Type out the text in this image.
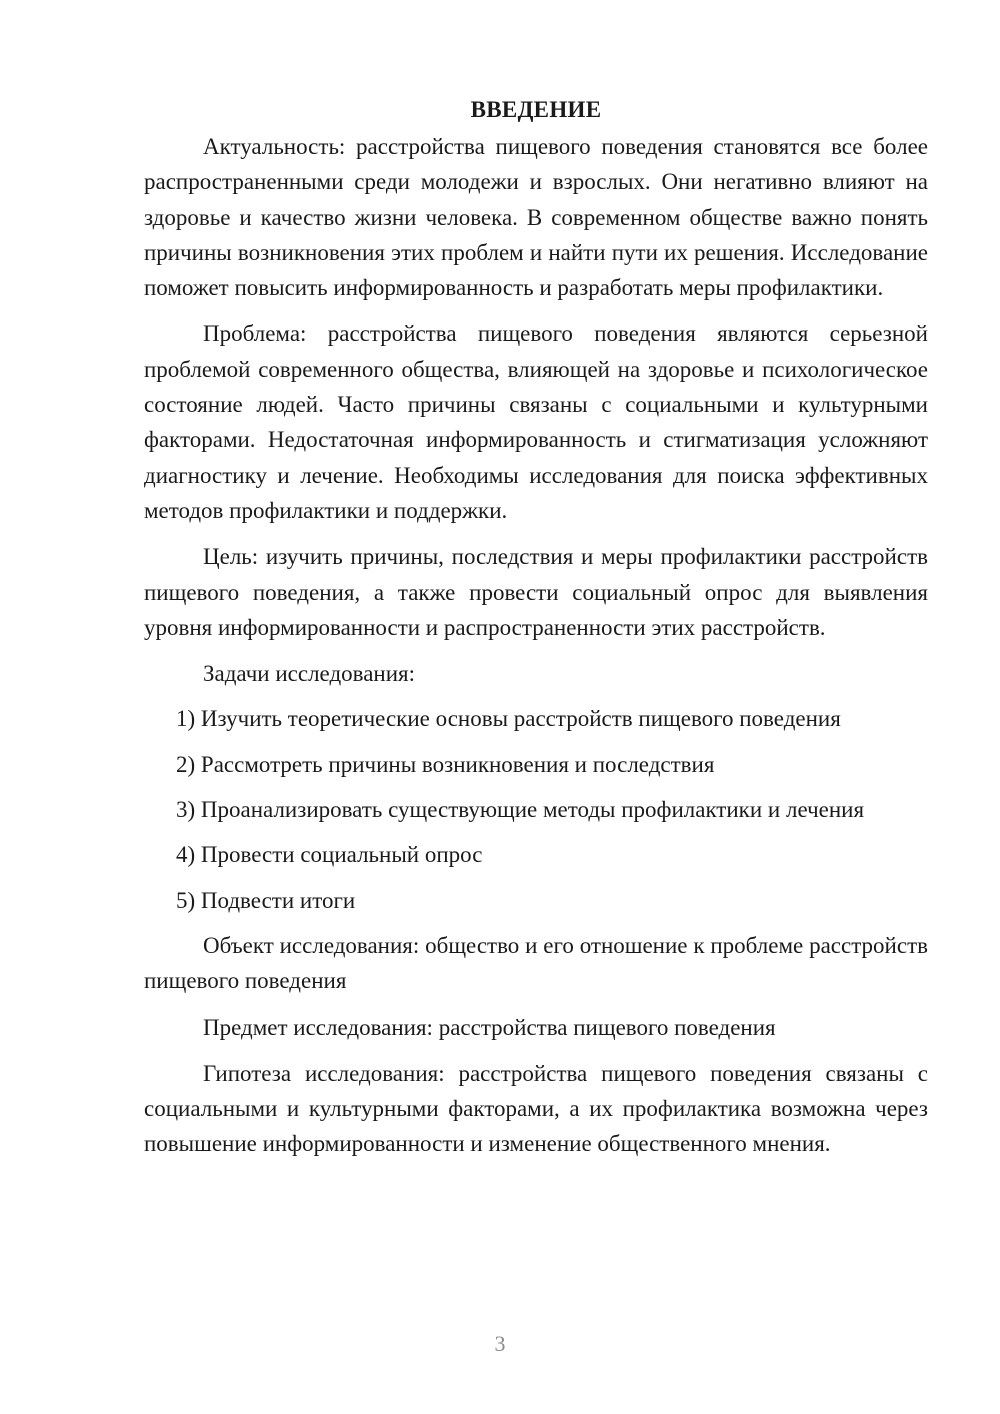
ВВЕДЕНИЕ

Актуальность: расстройства пищевого поведения становятся все более распространенными среди молодежи и взрослых. Они негативно влияют на здоровье и качество жизни человека. В современном обществе важно понять причины возникновения этих проблем и найти пути их решения. Исследование поможет повысить информированность и разработать меры профилактики.

Проблема: расстройства пищевого поведения являются серьезной проблемой современного общества, влияющей на здоровье и психологическое состояние людей. Часто причины связаны с социальными и культурными факторами. Недостаточная информированность и стигматизация усложняют диагностику и лечение. Необходимы исследования для поиска эффективных методов профилактики и поддержки.

Цель: изучить причины, последствия и меры профилактики расстройств пищевого поведения, а также провести социальный опрос для выявления уровня информированности и распространенности этих расстройств.

Задачи исследования:
1) Изучить теоретические основы расстройств пищевого поведения
2) Рассмотреть причины возникновения и последствия
3) Проанализировать существующие методы профилактики и лечения
4) Провести социальный опрос
5) Подвести итоги

Объект исследования: общество и его отношение к проблеме расстройств пищевого поведения

Предмет исследования: расстройства пищевого поведения

Гипотеза исследования: расстройства пищевого поведения связаны с социальными и культурными факторами, а их профилактика возможна через повышение информированности и изменение общественного мнения.

3
